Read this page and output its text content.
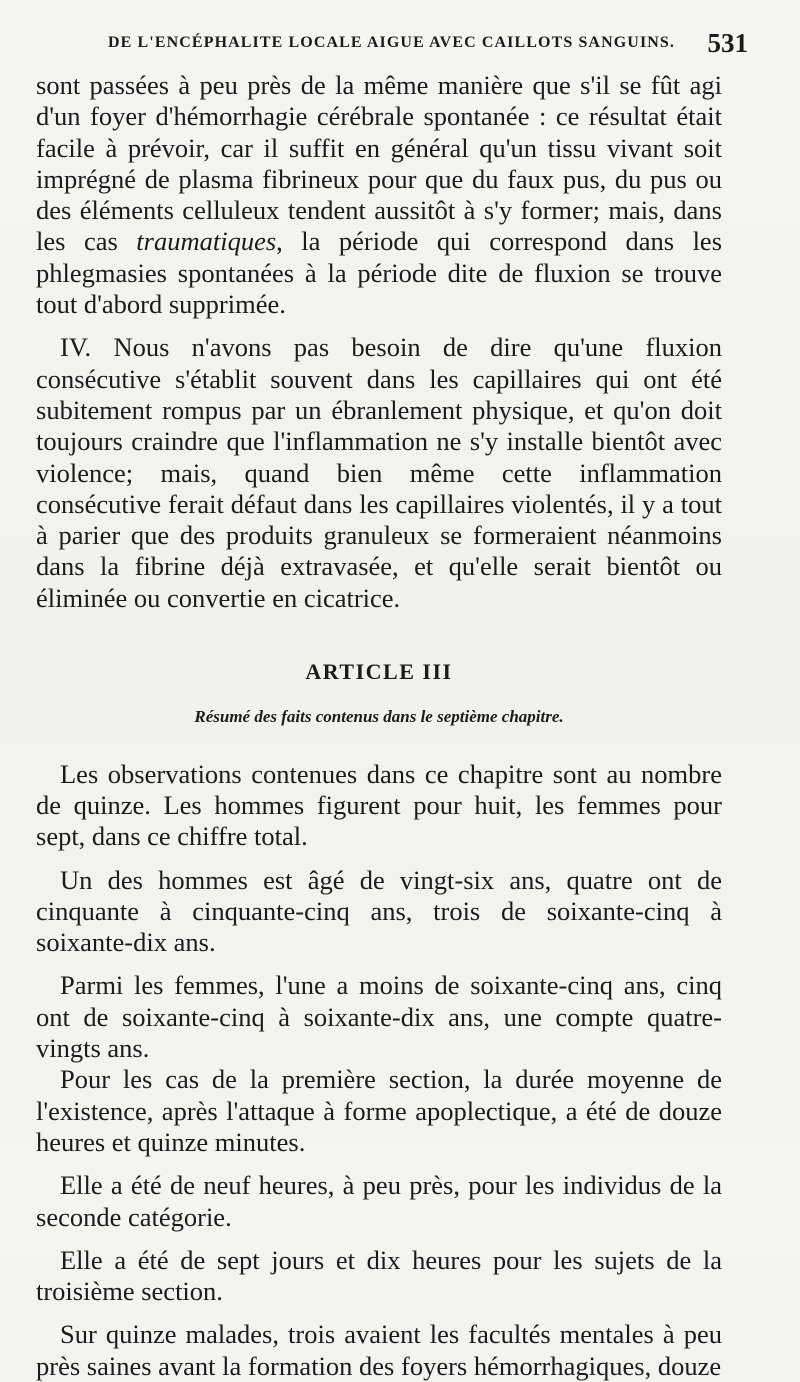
DE L'ENCÉPHALITE LOCALE AIGUE AVEC CAILLOTS SANGUINS. 531

sont passées à peu près de la même manière que s'il se fût agi d'un foyer d'hémorrhagie cérébrale spontanée : ce résultat était facile à prévoir, car il suffit en général qu'un tissu vivant soit imprégné de plasma fibrineux pour que du faux pus, du pus ou des éléments celluleux tendent aussitôt à s'y former; mais, dans les cas traumatiques, la période qui correspond dans les phlegmasies spontanées à la période dite de fluxion se trouve tout d'abord supprimée.

IV. Nous n'avons pas besoin de dire qu'une fluxion consécutive s'établit souvent dans les capillaires qui ont été subitement rompus par un ébranlement physique, et qu'on doit toujours craindre que l'inflammation ne s'y installe bientôt avec violence; mais, quand bien même cette inflammation consécutive ferait défaut dans les capillaires violentés, il y a tout à parier que des produits granuleux se formeraient néanmoins dans la fibrine déjà extravasée, et qu'elle serait bientôt ou éliminée ou convertie en cicatrice.

ARTICLE III

Résumé des faits contenus dans le septième chapitre.

Les observations contenues dans ce chapitre sont au nombre de quinze. Les hommes figurent pour huit, les femmes pour sept, dans ce chiffre total.

Un des hommes est âgé de vingt-six ans, quatre ont de cinquante à cinquante-cinq ans, trois de soixante-cinq à soixante-dix ans.

Parmi les femmes, l'une a moins de soixante-cinq ans, cinq ont de soixante-cinq à soixante-dix ans, une compte quatre-vingts ans.

Pour les cas de la première section, la durée moyenne de l'existence, après l'attaque à forme apoplectique, a été de douze heures et quinze minutes.

Elle a été de neuf heures, à peu près, pour les individus de la seconde catégorie.

Elle a été de sept jours et dix heures pour les sujets de la troisième section.

Sur quinze malades, trois avaient les facultés mentales à peu près saines avant la formation des foyers hémorrhagiques, douze
